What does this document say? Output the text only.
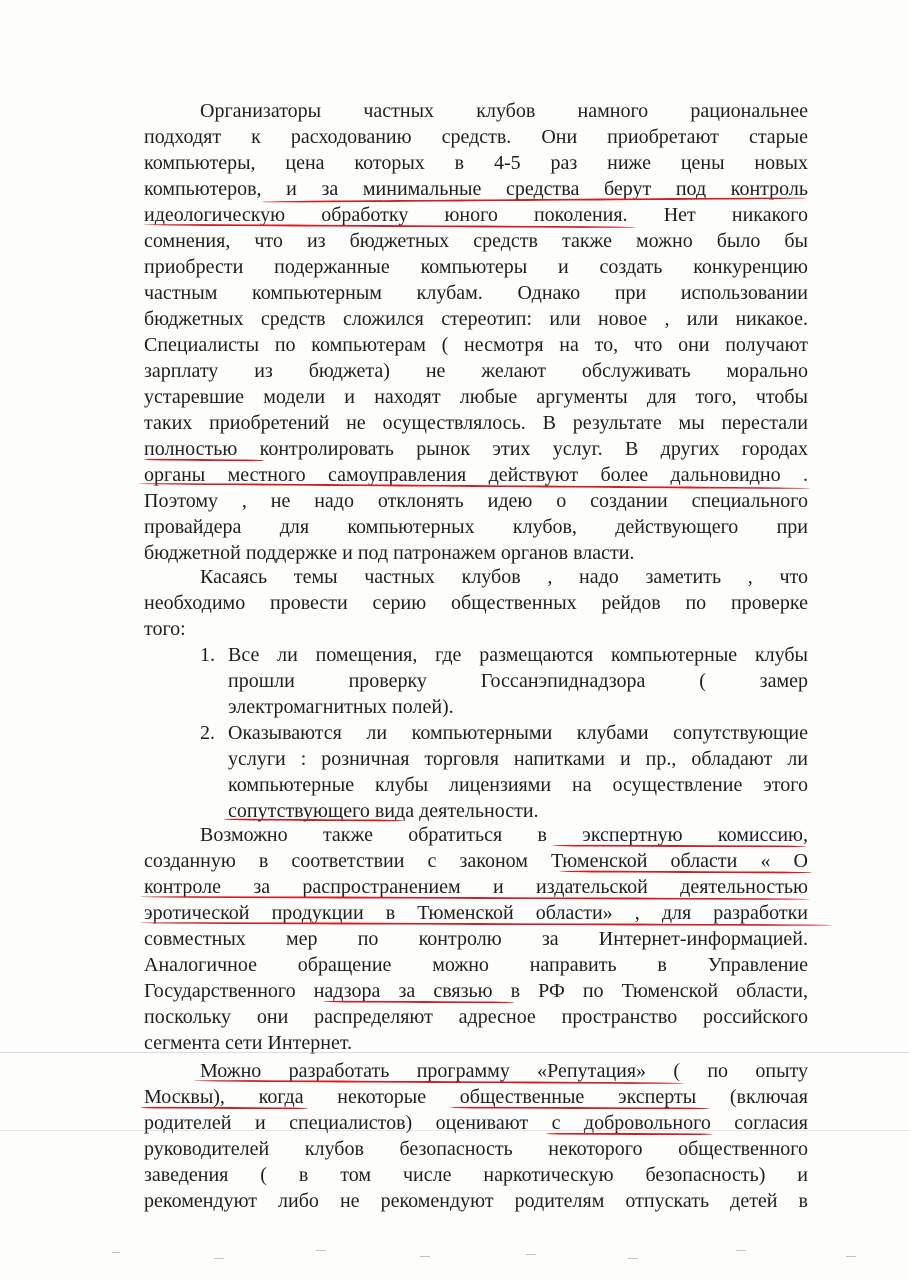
Организаторы частных клубов намного рациональнее

подходят к расходованию средств. Они приобретают старые

компьютеры, цена которых в 4-5 раз ниже цены новых

компьютеров, и за минимальные средства берут под контроль

идеологическую обработку юного поколения. Нет никакого

сомнения, что из бюджетных средств также можно было бы

приобрести подержанные компьютеры и создать конкуренцию

частным компьютерным клубам. Однако при использовании

бюджетных средств сложился стереотип: или новое , или никакое.

Специалисты по компьютерам ( несмотря на то, что они получают

зарплату из бюджета) не желают обслуживать морально

устаревшие модели и находят любые аргументы для того, чтобы

таких приобретений не осуществлялось. В результате мы перестали

полностью контролировать рынок этих услуг. В других городах

органы местного самоуправления действуют более дальновидно .

Поэтому , не надо отклонять идею о создании специального

провайдера для компьютерных клубов, действующего при

бюджетной поддержке и под патронажем органов власти.

Касаясь темы частных клубов , надо заметить , что

необходимо провести серию общественных рейдов по проверке

того:

1. Все ли помещения, где размещаются компьютерные клубы

прошли проверку Госсанэпиднадзора ( замер

электромагнитных полей).

2. Оказываются ли компьютерными клубами сопутствующие

услуги : розничная торговля напитками и пр., обладают ли

компьютерные клубы лицензиями на осуществление этого

сопутствующего вида деятельности.

Возможно также обратиться в экспертную комиссию,

созданную в соответствии с законом Тюменской области « О

контроле за распространением и издательской деятельностью

эротической продукции в Тюменской области» , для разработки

совместных мер по контролю за Интернет-информацией.

Аналогичное обращение можно направить в Управление

Государственного надзора за связью в РФ по Тюменской области,

поскольку они распределяют адресное пространство российского

сегмента сети Интернет.

Можно разработать программу «Репутация» ( по опыту

Москвы), когда некоторые общественные эксперты (включая

родителей и специалистов) оценивают с добровольного согласия

руководителей клубов безопасность некоторого общественного

заведения ( в том числе наркотическую безопасность) и

рекомендуют либо не рекомендуют родителям отпускать детей в
